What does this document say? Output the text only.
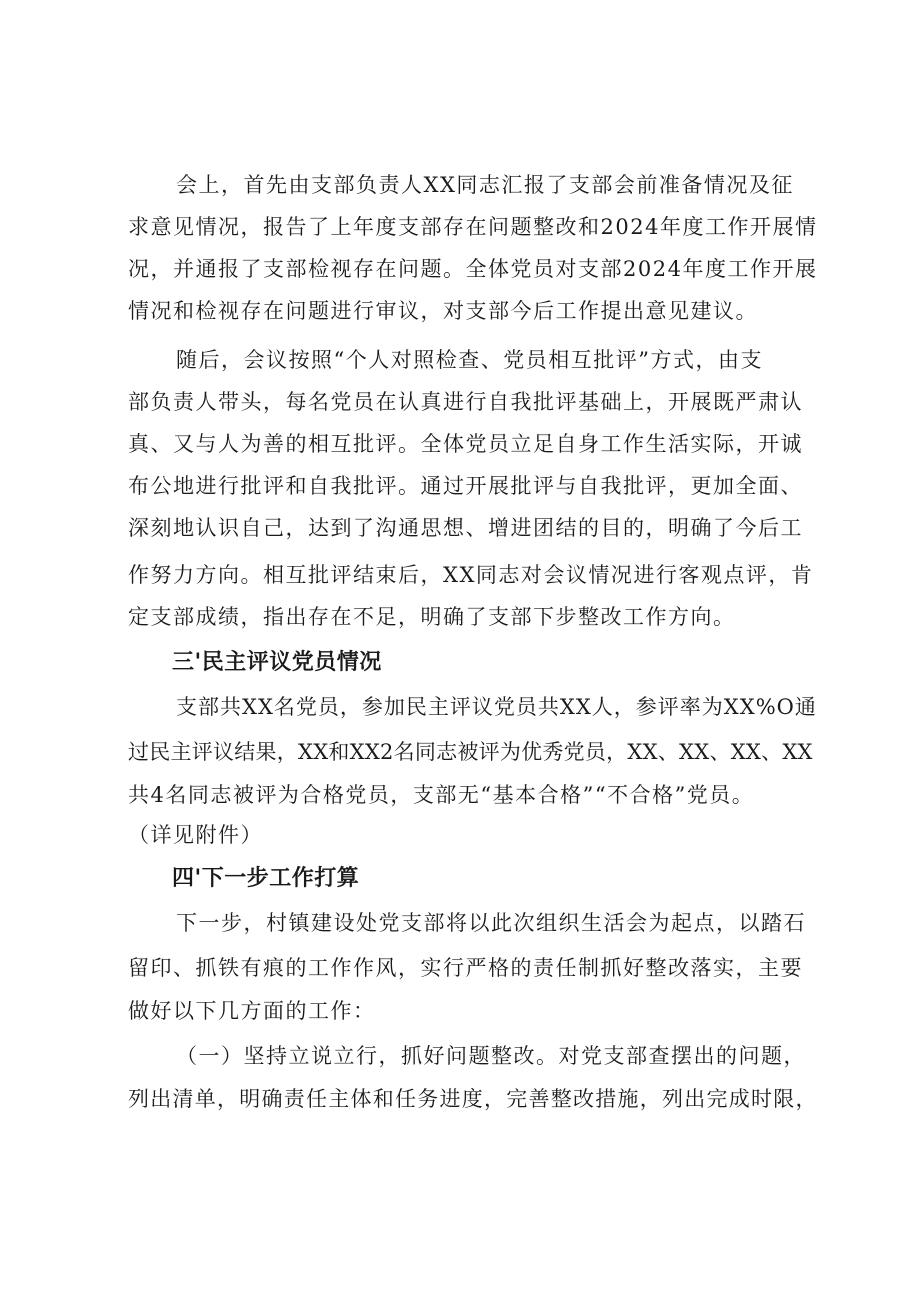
会上，首先由支部负责人XX同志汇报了支部会前准备情况及征
求意见情况，报告了上年度支部存在问题整改和2024年度工作开展情
况，并通报了支部检视存在问题。全体党员对支部2024年度工作开展
情况和检视存在问题进行审议，对支部今后工作提出意见建议。
随后，会议按照“个人对照检查、党员相互批评”方式，由支
部负责人带头，每名党员在认真进行自我批评基础上，开展既严肃认
真、又与人为善的相互批评。全体党员立足自身工作生活实际，开诚
布公地进行批评和自我批评。通过开展批评与自我批评，更加全面、
深刻地认识自己，达到了沟通思想、增进团结的目的，明确了今后工
作努力方向。相互批评结束后，XX同志对会议情况进行客观点评，肯
定支部成绩，指出存在不足，明确了支部下步整改工作方向。
三'民主评议党员情况
支部共XX名党员，参加民主评议党员共XX人，参评率为XX%O通
过民主评议结果，XX和XX2名同志被评为优秀党员，XX、XX、XX、XX
共4名同志被评为合格党员，支部无“基本合格”“不合格”党员。
（详见附件）
四'下一步工作打算
下一步，村镇建设处党支部将以此次组织生活会为起点，以踏石
留印、抓铁有痕的工作作风，实行严格的责任制抓好整改落实，主要
做好以下几方面的工作：
（一）坚持立说立行，抓好问题整改。对党支部查摆出的问题，
列出清单，明确责任主体和任务进度，完善整改措施，列出完成时限，
